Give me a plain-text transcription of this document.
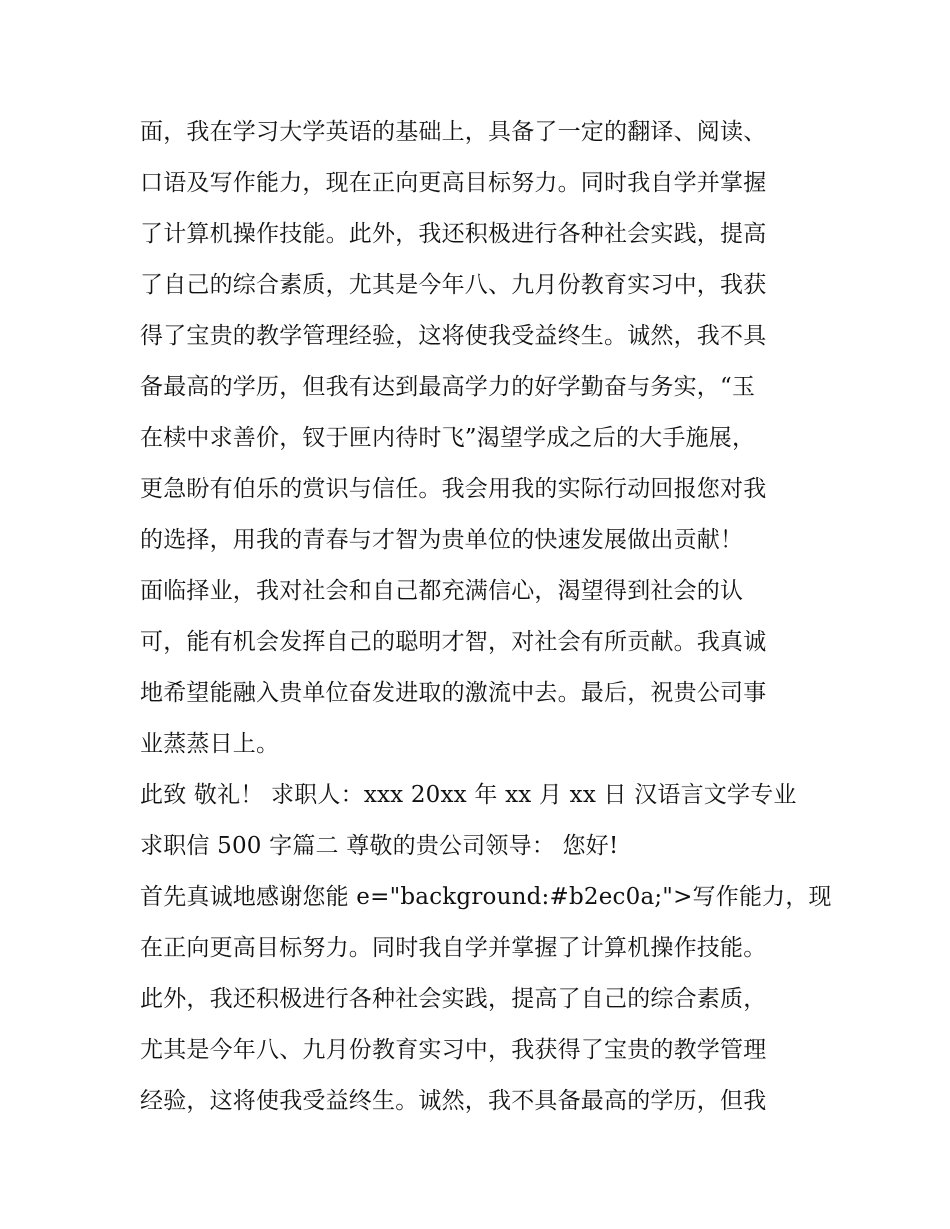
面，我在学习大学英语的基础上，具备了一定的翻译、阅读、
口语及写作能力，现在正向更高目标努力。同时我自学并掌握
了计算机操作技能。此外，我还积极进行各种社会实践，提高
了自己的综合素质，尤其是今年八、九月份教育实习中，我获
得了宝贵的教学管理经验，这将使我受益终生。诚然，我不具
备最高的学历，但我有达到最高学力的好学勤奋与务实，“玉
在椟中求善价，钗于匣内待时飞”渴望学成之后的大手施展，
更急盼有伯乐的赏识与信任。我会用我的实际行动回报您对我
的选择，用我的青春与才智为贵单位的快速发展做出贡献！
面临择业，我对社会和自己都充满信心，渴望得到社会的认
可，能有机会发挥自己的聪明才智，对社会有所贡献。我真诚
地希望能融入贵单位奋发进取的激流中去。最后，祝贵公司事
业蒸蒸日上。
此致 敬礼！ 求职人：xxx 20xx 年 xx 月 xx 日 汉语言文学专业
求职信 500 字篇二 尊敬的贵公司领导： 您好!
首先真诚地感谢您能 e="background:#b2ec0a;">写作能力，现
在正向更高目标努力。同时我自学并掌握了计算机操作技能。
此外，我还积极进行各种社会实践，提高了自己的综合素质，
尤其是今年八、九月份教育实习中，我获得了宝贵的教学管理
经验，这将使我受益终生。诚然，我不具备最高的学历，但我
